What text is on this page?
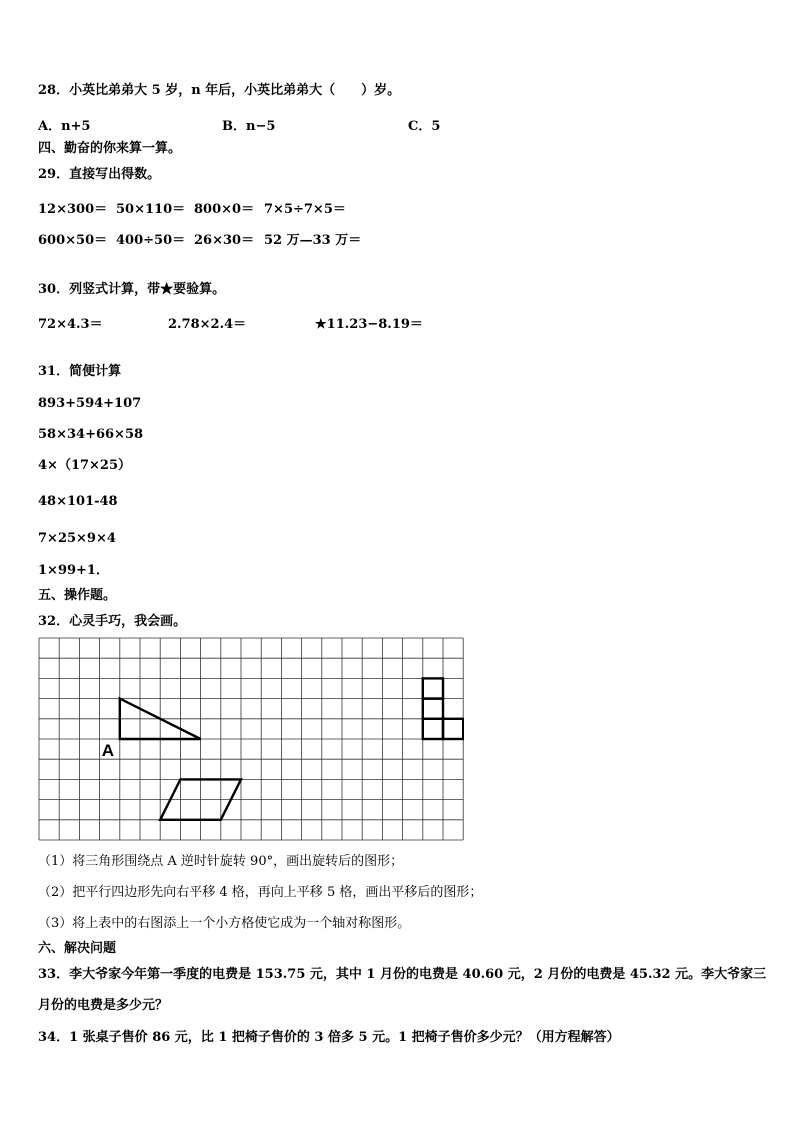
28．小英比弟弟大 5 岁，n 年后，小英比弟弟大（　　）岁。
A．n+5	B．n−5	C．5
四、勤奋的你来算一算。
29．直接写出得数。
12×300＝ 50×110＝ 800×0＝ 7×5÷7×5＝
600×50＝ 400÷50＝ 26×30＝ 52 万—33 万＝
30．列竖式计算，带★要验算。
72×4.3＝	2.78×2.4＝	★11.23−8.19＝
31．简便计算
893+594+107
58×34+66×58
4×（17×25）
48×101-48
7×25×9×4
1×99+1．
五、操作题。
32．心灵手巧，我会画。
A
（1）将三角形围绕点 A 逆时针旋转 90°，画出旋转后的图形；
（2）把平行四边形先向右平移 4 格，再向上平移 5 格，画出平移后的图形；
（3）将上表中的右图添上一个小方格使它成为一个轴对称图形。
六、解决问题
33．李大爷家今年第一季度的电费是 153.75 元，其中 1 月份的电费是 40.60 元，2 月份的电费是 45.32 元。李大爷家三
月份的电费是多少元？
34．1 张桌子售价 86 元，比 1 把椅子售价的 3 倍多 5 元。1 把椅子售价多少元？（用方程解答）
